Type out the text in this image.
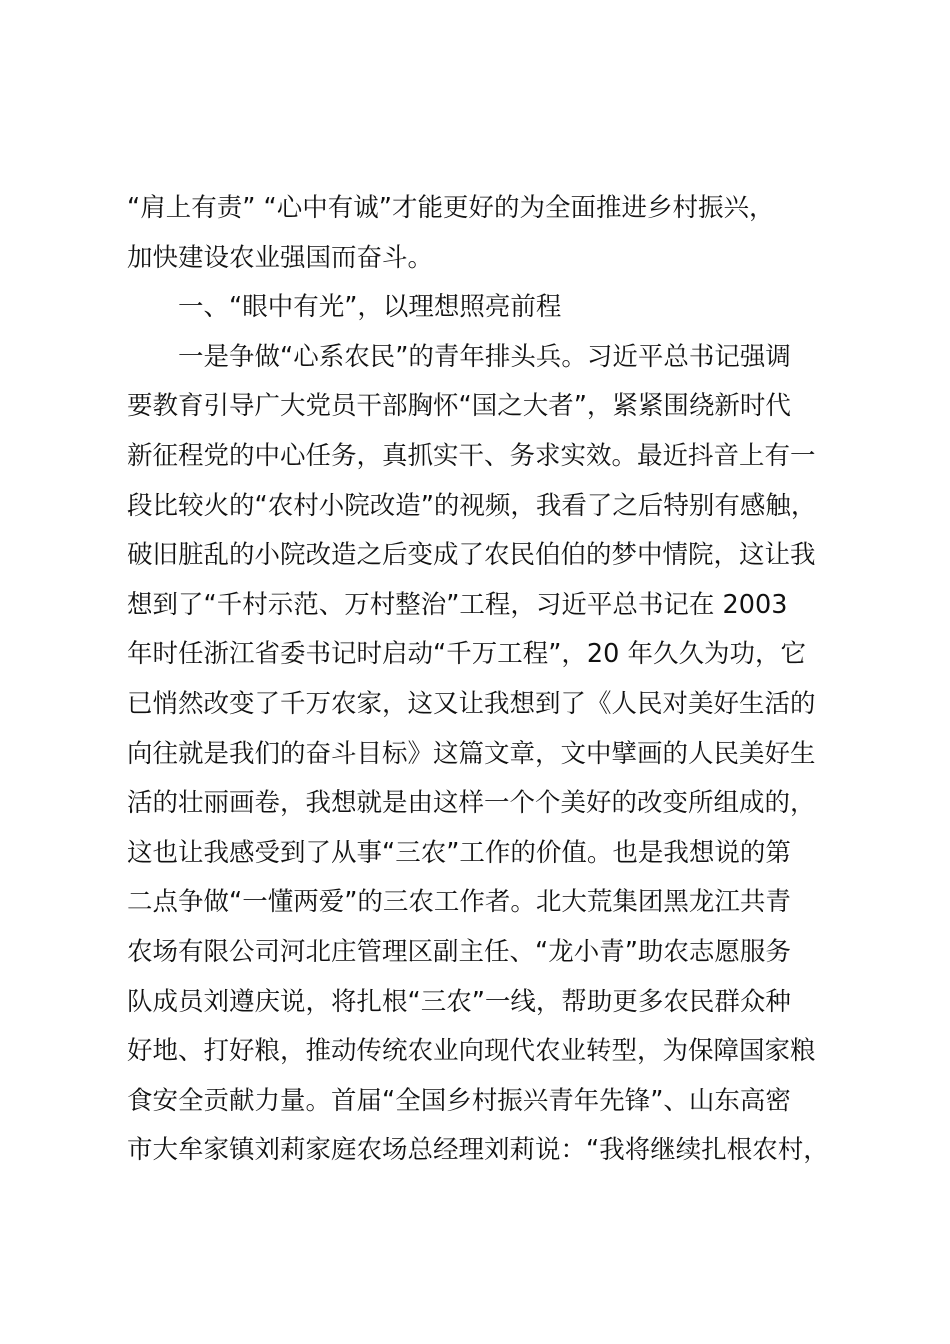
“肩上有责” “心中有诚”才能更好的为全面推进乡村振兴，
加快建设农业强国而奋斗。
一、“眼中有光”，以理想照亮前程
一是争做“心系农民”的青年排头兵。习近平总书记强调
要教育引导广大党员干部胸怀“国之大者”，紧紧围绕新时代
新征程党的中心任务，真抓实干、务求实效。最近抖音上有一
段比较火的“农村小院改造”的视频，我看了之后特别有感触，
破旧脏乱的小院改造之后变成了农民伯伯的梦中情院，这让我
想到了“千村示范、万村整治”工程，习近平总书记在 2003
年时任浙江省委书记时启动“千万工程”，20 年久久为功，它
已悄然改变了千万农家，这又让我想到了《人民对美好生活的
向往就是我们的奋斗目标》这篇文章，文中擘画的人民美好生
活的壮丽画卷，我想就是由这样一个个美好的改变所组成的，
这也让我感受到了从事“三农”工作的价值。也是我想说的第
二点争做“一懂两爱”的三农工作者。北大荒集团黑龙江共青
农场有限公司河北庄管理区副主任、“龙小青”助农志愿服务
队成员刘遵庆说，将扎根“三农”一线，帮助更多农民群众种
好地、打好粮，推动传统农业向现代农业转型，为保障国家粮
食安全贡献力量。首届“全国乡村振兴青年先锋”、山东高密
市大牟家镇刘莉家庭农场总经理刘莉说：“我将继续扎根农村，
